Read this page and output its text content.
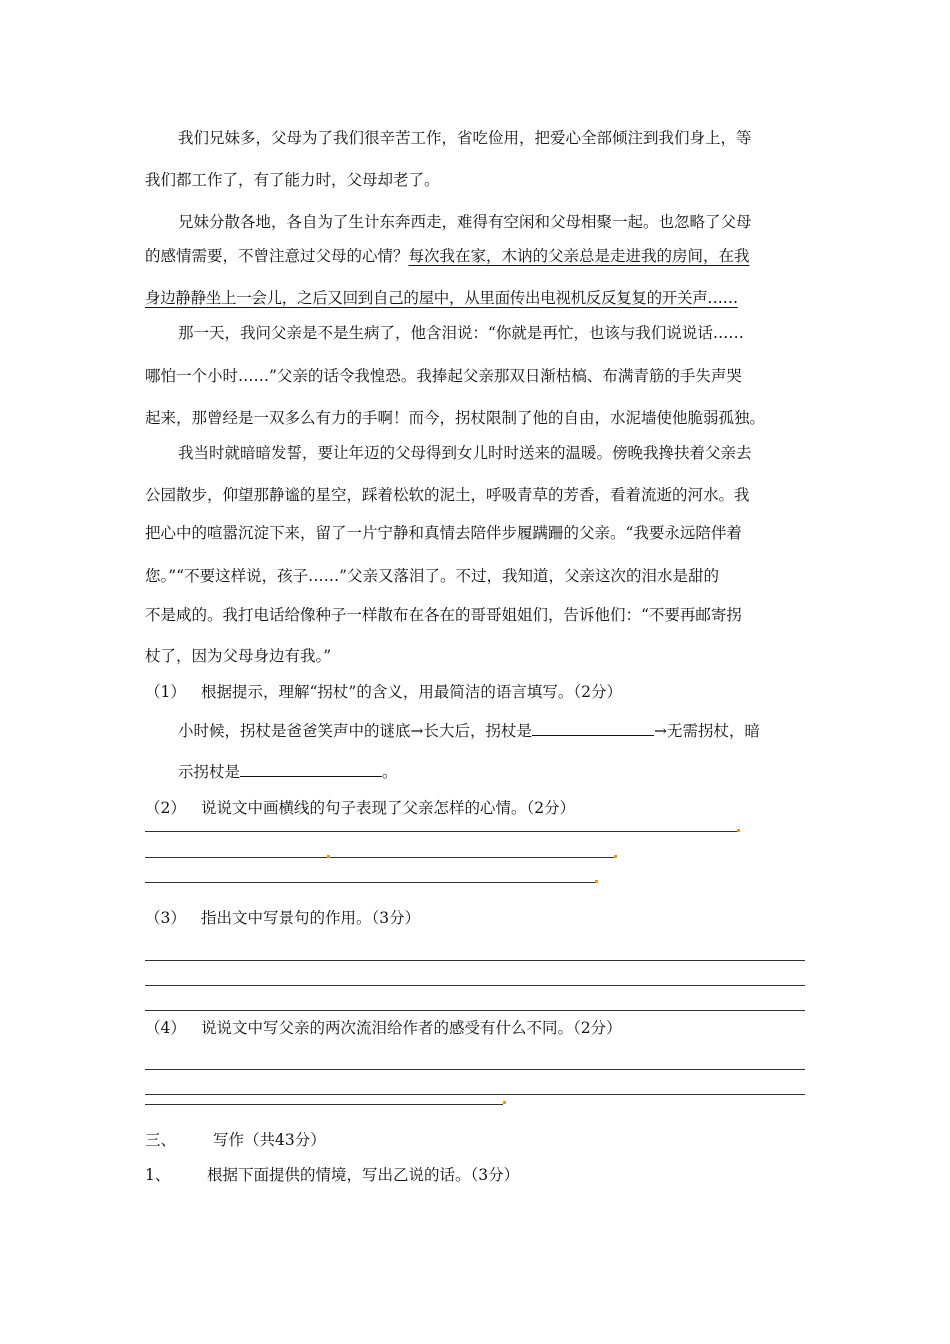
我们兄妹多，父母为了我们很辛苦工作，省吃俭用，把爱心全部倾注到我们身上，等
我们都工作了，有了能力时，父母却老了。
兄妹分散各地，各自为了生计东奔西走，难得有空闲和父母相聚一起。也忽略了父母
的感情需要，不曾注意过父母的心情？每次我在家，木讷的父亲总是走进我的房间，在我
身边静静坐上一会儿，之后又回到自己的屋中，从里面传出电视机反反复复的开关声……
那一天，我问父亲是不是生病了，他含泪说：“你就是再忙，也该与我们说说话……
哪怕一个小时……”父亲的话令我惶恐。我捧起父亲那双日渐枯槁、布满青筋的手失声哭
起来，那曾经是一双多么有力的手啊！而今，拐杖限制了他的自由，水泥墙使他脆弱孤独。
我当时就暗暗发誓，要让年迈的父母得到女儿时时送来的温暖。傍晚我搀扶着父亲去
公园散步，仰望那静谧的星空，踩着松软的泥土，呼吸青草的芳香，看着流逝的河水。我
把心中的喧嚣沉淀下来，留了一片宁静和真情去陪伴步履蹒跚的父亲。“我要永远陪伴着
您。”“不要这样说，孩子……”父亲又落泪了。不过，我知道，父亲这次的泪水是甜的
不是咸的。我打电话给像种子一样散布在各在的哥哥姐姐们，告诉他们：“不要再邮寄拐
杖了，因为父母身边有我。”
（1） 根据提示，理解“拐杖”的含义，用最简洁的语言填写。（2分）
小时候，拐杖是爸爸笑声中的谜底→长大后，拐杖是	→无需拐杖，暗
示拐杖是	。
（2） 说说文中画横线的句子表现了父亲怎样的心情。（2分）
（3） 指出文中写景句的作用。（3分）
（4） 说说文中写父亲的两次流泪给作者的感受有什么不同。（2分）
三、 写作（共43分）
1、 根据下面提供的情境，写出乙说的话。（3分）
